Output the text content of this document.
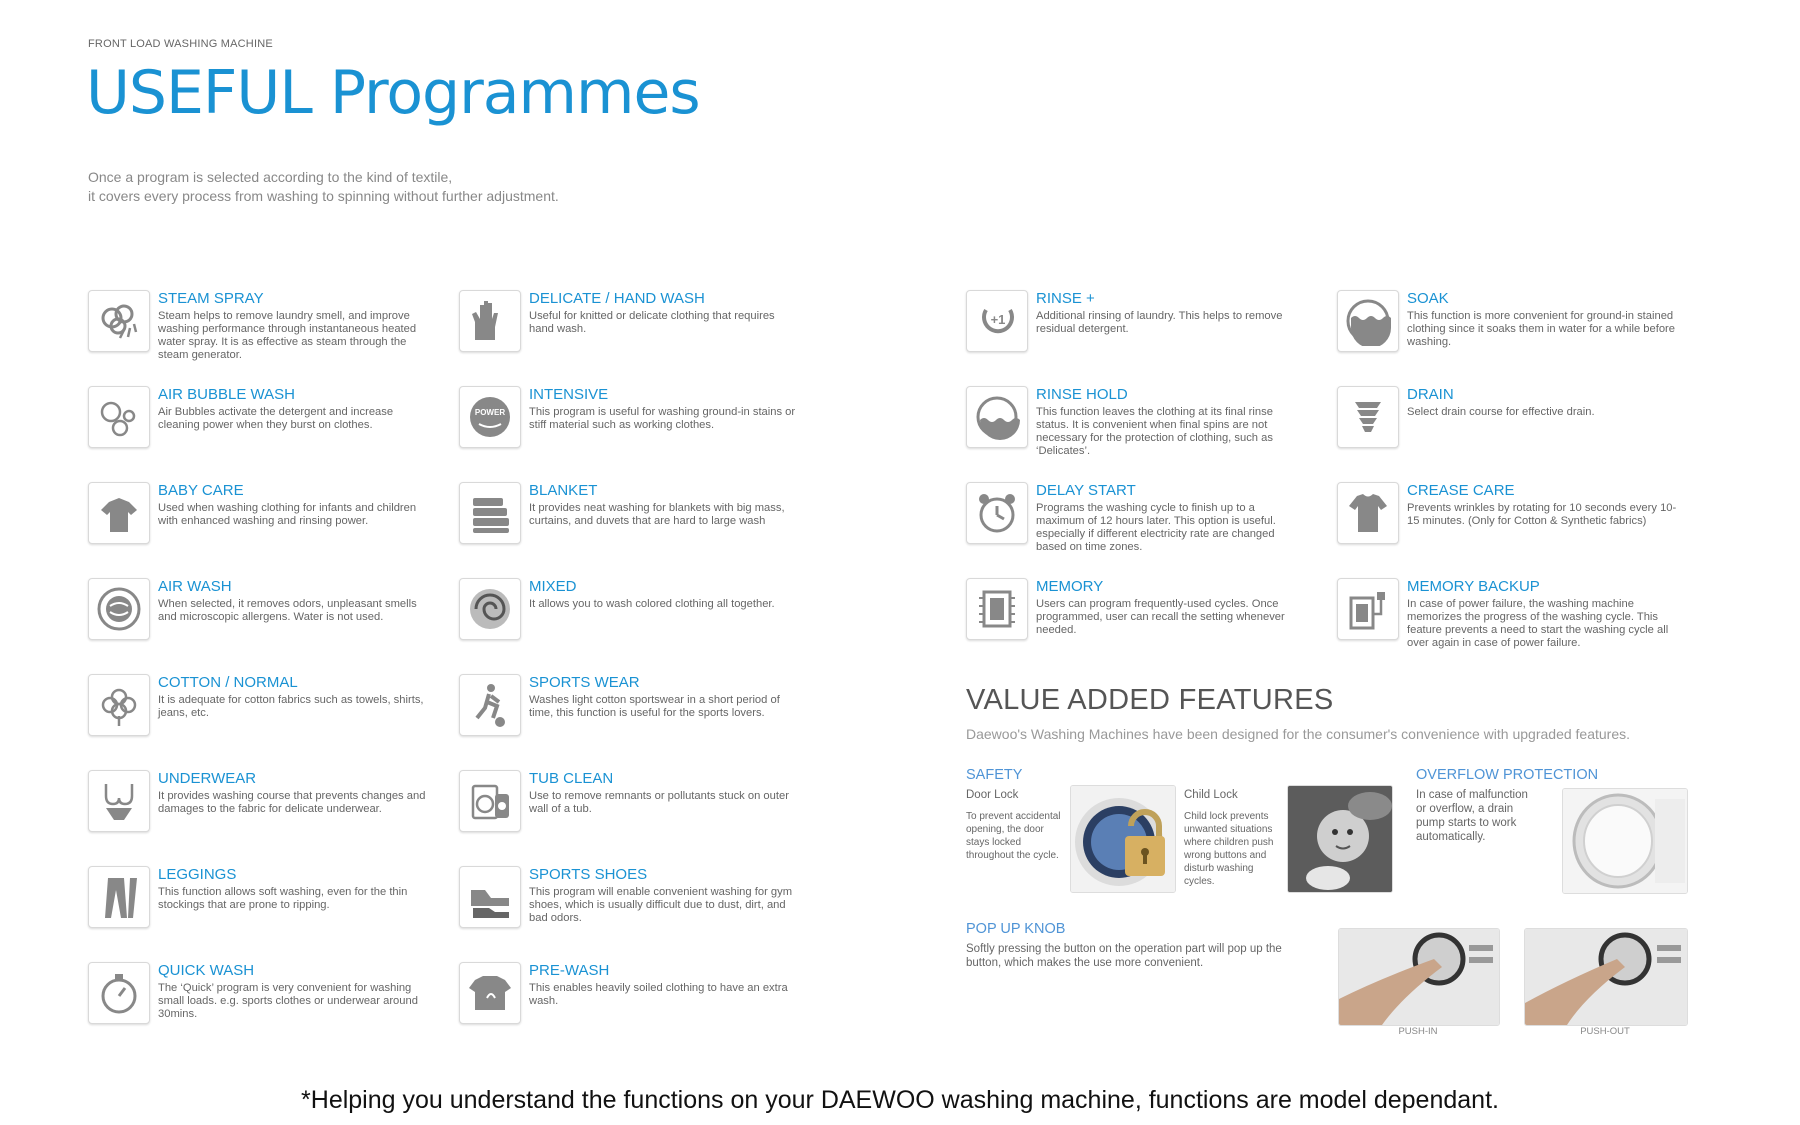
FRONT LOAD WASHING MACHINE
USEFUL Programmes
Once a program is selected according to the kind of textile,
it covers every process from washing to spinning without further adjustment.
STEAM SPRAY
Steam helps to remove laundry smell, and improve washing performance through instantaneous heated water spray. It is as effective as steam through the steam generator.
AIR BUBBLE WASH
Air Bubbles activate the detergent and increase cleaning power when they burst on clothes.
BABY CARE
Used when washing clothing for infants and children with enhanced washing and rinsing power.
AIR WASH
When selected, it removes odors, unpleasant smells and microscopic allergens. Water is not used.
COTTON / NORMAL
It is adequate for cotton fabrics such as towels, shirts, jeans, etc.
UNDERWEAR
It provides washing course that prevents changes and damages to the fabric for delicate underwear.
LEGGINGS
This function allows soft washing, even for the thin stockings that are prone to ripping.
QUICK WASH
The ‘Quick’ program is very convenient for washing small loads. e.g. sports clothes or underwear around 30mins.
DELICATE / HAND WASH
Useful for knitted or delicate clothing that requires hand wash.
POWER
INTENSIVE
This program is useful for washing ground-in stains or stiff material such as working clothes.
BLANKET
It provides neat washing for blankets with big mass, curtains, and duvets that are hard to large wash
MIXED
It allows you to wash colored clothing all together.
SPORTS WEAR
Washes light cotton sportswear in a short period of time, this function is useful for the sports lovers.
TUB CLEAN
Use to remove remnants or pollutants stuck on outer wall of a tub.
SPORTS SHOES
This program will enable convenient washing for gym shoes, which is usually difficult due to dust, dirt, and bad odors.
PRE-WASH
This enables heavily soiled clothing to have an extra wash.
+1
RINSE +
Additional rinsing of laundry. This helps to remove residual detergent.
RINSE HOLD
This function leaves the clothing at its final rinse status. It is convenient when final spins are not necessary for the protection of clothing, such as ‘Delicates’.
DELAY START
Programs the washing cycle to finish up to a maximum of 12 hours later. This option is useful. especially if different electricity rate are changed based on time zones.
MEMORY
Users can program frequently-used cycles. Once programmed, user can recall the setting whenever needed.
SOAK
This function is more convenient for ground-in stained clothing since it soaks them in water for a while before washing.
DRAIN
Select drain course for effective drain.
CREASE CARE
Prevents wrinkles by rotating for 10 seconds every 10-15 minutes. (Only for Cotton & Synthetic fabrics)
MEMORY BACKUP
In case of power failure, the washing machine memorizes the progress of the washing cycle. This feature prevents a need to start the washing cycle all over again in case of power failure.
VALUE ADDED FEATURES
Daewoo's Washing Machines have been designed for the consumer's convenience with upgraded features.
SAFETY
Door Lock
To prevent accidental opening, the door stays locked throughout the cycle.
Child Lock
Child lock prevents unwanted situations where children push wrong buttons and disturb washing cycles.
OVERFLOW PROTECTION
In case of malfunction or overflow, a drain pump starts to work automatically.
POP UP KNOB
Softly pressing the button on the operation part will pop up the button, which makes the use more convenient.
PUSH-IN	PUSH-OUT
*Helping you understand the functions on your DAEWOO washing machine, functions are model dependant.
